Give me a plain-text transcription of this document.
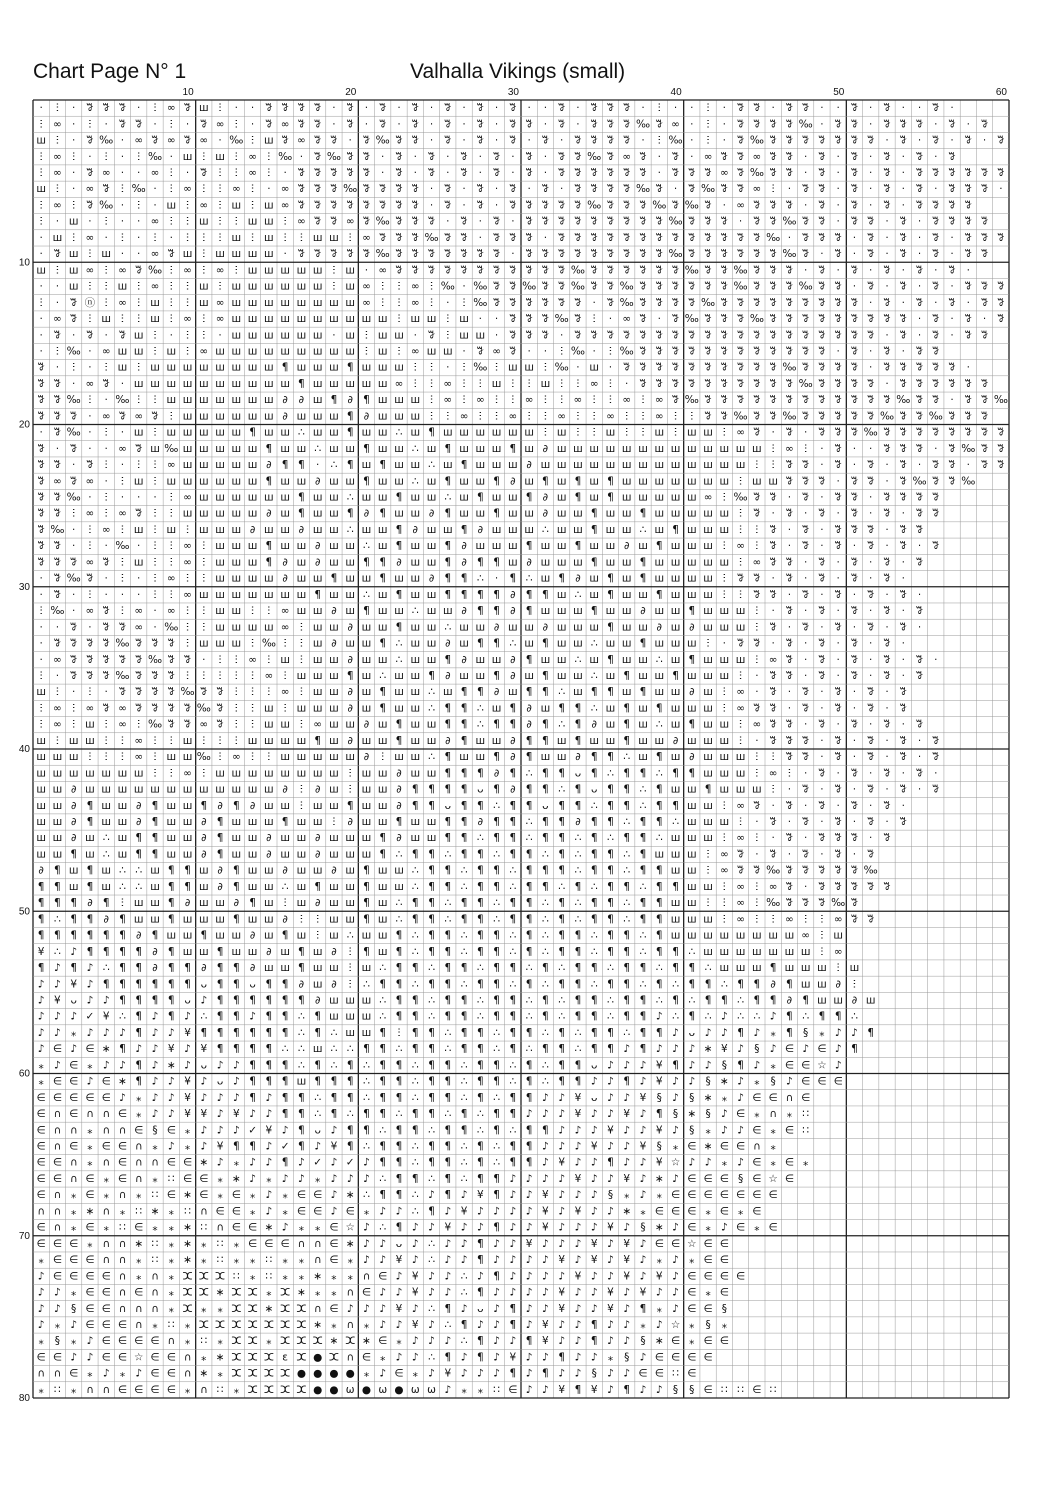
Chart Page N° 1	Valhalla Vikings (small)
· ⵗ · ꗌ ꗌ ꗌ · ⵗ ∞ ꗌ ш ⵗ · · ꗌ ꗌ ꗌ ꗌ · ꗌ · ꗌ · ꗌ · ꗌ · ꗌ · ꗌ · · ꗌ · ꗌ ꗌ ꗌ · ⵗ · · ⵗ · ꗌ ꗌ · ꗌ ꗌ · · ꗌ · ꗌ · · ꗌ ·
ⵗ ∞ · ⵗ · ꗌ ꗌ · ⵗ · ꗌ ∞ ⵗ · ꗌ ∞ ꗌ ꗌ · ꗌ · ꗌ · ꗌ · ꗌ · ꗌ · ꗌ ꗌ · ꗌ · ꗌ ꗌ ꗌ ‰ ꗌ ∞ · ⵗ · ꗌ ꗌ ꗌ ꗌ ‰ · ꗌ ꗌ · ꗌ ꗌ ꗌ · ꗌ · ꗌ
ш ⵗ · ꗌ ‰ · ∞ ꗌ ∞ ꗌ ∞ · ‰ ⵗ ш ꗌ ∞ ꗌ ꗌ · ꗌ ‰ ꗌ ꗌ · ꗌ · ꗌ · ꗌ · ꗌ · ꗌ ꗌ ꗌ ꗌ · ⵗ ‰ · ⵗ · ꗌ ‰ ꗌ ꗌ ꗌ ꗌ ꗌ ꗌ ꗌ · ꗌ · ꗌ · ꗌ · ꗌ
ⵗ ∞ ⵗ · ⵗ · ⵗ ‰ · ш ⵗ ш ⵗ ∞ ⵗ ‰ · ꗌ ‰ ꗌ ꗌ · ꗌ · ꗌ · ꗌ · ꗌ · ꗌ · ꗌ ꗌ ‰ ꗌ ∞ ꗌ · ꗌ · ∞ ꗌ ꗌ ∞ ꗌ ꗌ · ꗌ · ꗌ · ꗌ · ꗌ · ꗌ
ⵗ ∞ · ꗌ ∞ · · ∞ ⵗ · ꗌ ⵗ ⵗ ∞ ⵗ · ꗌ ꗌ ꗌ ꗌ ꗌ · ꗌ · ꗌ · ꗌ · ꗌ · ꗌ · ꗌ ꗌ ꗌ ꗌ ꗌ ꗌ · ꗌ ꗌ ꗌ ∞ ꗌ ‰ ꗌ ꗌ · ꗌ · ꗌ · ꗌ · ꗌ ꗌ ꗌ ꗌ ꗌ ꗌ
ш ⵗ · ∞ ꗌ ⵗ ‰ · ⵗ ∞ ⵗ ⵗ ∞ ⵗ · ∞ ꗌ ꗌ ꗌ ‰ ꗌ ꗌ ꗌ ꗌ · ꗌ · ꗌ · ꗌ · ꗌ · ꗌ ꗌ ꗌ ꗌ ‰ ꗌ · ꗌ ‰ ꗌ ꗌ ∞ ⵗ · ꗌ ꗌ · ꗌ · ꗌ · ꗌ · ꗌ ꗌ ꗌ ·
ⵗ ∞ ⵗ ꗌ ‰ · ⵗ · ш ⵗ ∞ ⵗ ш ⵗ ш ∞ ꗌ ꗌ ꗌ ꗌ ꗌ ꗌ ꗌ ꗌ · ꗌ · ꗌ · ꗌ ꗌ ꗌ ꗌ ꗌ ‰ ꗌ ꗌ ꗌ ‰ ꗌ ‰ ꗌ · ∞ ꗌ ꗌ ꗌ · ꗌ · ꗌ · ꗌ · ꗌ ꗌ ꗌ ꗌ
ⵗ · ш · ⵗ · · ∞ ⵗ ⵗ ш ⵗ ⵗ ш ш ⵗ ∞ ꗌ ꗌ ∞ ꗌ ‰ ꗌ ꗌ ꗌ · ꗌ · ꗌ · ꗌ ꗌ ꗌ ꗌ ꗌ ꗌ ꗌ ꗌ ꗌ ‰ ꗌ ꗌ ꗌ · ꗌ ꗌ ‰ ꗌ ꗌ · ꗌ ꗌ · ꗌ · ꗌ ꗌ ꗌ ꗌ
· ш ⵗ ∞ · ⵗ · ⵗ · ⵗ ⵗ ⵗ ш ⵗ ш ⵗ ⵗ ш ш ⵗ ∞ ꗌ ꗌ ꗌ ‰ ꗌ ꗌ · ꗌ ꗌ ꗌ · ꗌ ꗌ ꗌ ꗌ ꗌ ꗌ ꗌ ꗌ ꗌ ꗌ ꗌ ꗌ ꗌ ‰ · ꗌ ꗌ ꗌ · ꗌ · ꗌ · ꗌ · ꗌ ꗌ ꗌ
· ꗌ ш ⵗ ш · · ∞ ꗌ ш ⵗ ш ш ш ш · ꗌ ꗌ ꗌ ꗌ ꗌ ‰ ꗌ ꗌ ꗌ ꗌ ꗌ ꗌ ꗌ · ꗌ ꗌ ꗌ ꗌ ꗌ ꗌ ꗌ ꗌ ꗌ ‰ ꗌ ꗌ ꗌ ꗌ ꗌ ꗌ ‰ ꗌ · ꗌ · ꗌ · ꗌ · ꗌ · ꗌ ꗌ
ш ⵗ ш ∞ ⵗ ∞ ꗌ ‰ ⵗ ∞ ⵗ ∞ ⵗ ш ш ш ш ш ⵗ ш · ∞ ꗌ ꗌ ꗌ ꗌ ꗌ ꗌ ꗌ ꗌ ꗌ ꗌ ꗌ ‰ ꗌ ꗌ ꗌ ꗌ ꗌ ꗌ ‰ ꗌ ꗌ ‰ ꗌ ꗌ ꗌ · ꗌ · ꗌ · ꗌ · ꗌ · ꗌ ·
· · ш ⵗ ⵗ ш ⵗ ∞ ⵗ ⵗ ш ⵗ ш ш ш ш ш ш ⵗ ш ∞ ⵗ ⵗ ∞ ⵗ ‰ · ‰ ꗌ ꗌ ‰ ꗌ ꗌ ‰ ꗌ ꗌ ‰ ꗌ ꗌ ꗌ ꗌ ꗌ ꗌ ‰ ꗌ ꗌ ꗌ ‰ ꗌ ꗌ · ꗌ · ꗌ · ꗌ · ꗌ ꗌ ꗌ
ⵗ · ꗌ ⓝ ⵗ ∞ ⵗ ш ⵗ ⵗ ш ∞ ш ш ш ш ш ш ш ш ∞ ⵗ ⵗ ∞ ⵗ · ⵗ ‰ ꗌ ꗌ ꗌ ꗌ ꗌ ꗌ · ꗌ ‰ ꗌ ꗌ ꗌ ꗌ ‰ ꗌ ꗌ ꗌ ꗌ ꗌ ꗌ ꗌ ꗌ ꗌ · ꗌ · ꗌ · ꗌ · ꗌ ꗌ
· ∞ ꗌ ⵗ ш ⵗ ⵗ ш ⵗ ∞ ⵗ ∞ ш ш ш ш ш ш ш ш ш ш ⵗ ш ш ⵗ ш · · ꗌ ꗌ ꗌ ‰ ꗌ ⵗ · ∞ ꗌ · ꗌ ‰ ꗌ ꗌ ꗌ ‰ ꗌ ꗌ ꗌ ꗌ ꗌ ꗌ ꗌ ꗌ ꗌ · ꗌ · ꗌ · ꗌ
· ꗌ · ꗌ · ꗌ ш ⵗ · ⵗ ⵗ · ш ш ш ш ш ш · ш ⵗ ш ш · ꗌ ⵗ ш ш · ꗌ ꗌ ꗌ · ꗌ ꗌ ꗌ ꗌ ꗌ ꗌ ꗌ ꗌ ꗌ ꗌ ꗌ ꗌ ꗌ ꗌ ꗌ ꗌ ꗌ ꗌ ꗌ · ꗌ · ꗌ · ꗌ ꗌ
· ⵗ ‰ · ∞ ш ш ⵗ ш ⵗ ∞ ш ш ш ш ш ш ш ш ш ⵗ ш ⵗ ∞ ш ш · ꗌ ∞ ꗌ · · ⵗ ‰ · ⵗ ‰ ꗌ ꗌ ꗌ ꗌ ꗌ ꗌ ꗌ ꗌ ꗌ ꗌ ꗌ ꗌ · ꗌ · ꗌ · ꗌ ꗌ
ꗌ · ⵗ · ⵗ ш ⵗ ш ш ш ш ш ш ш ш ¶ ш ш ш ¶ ш ш ш ⵗ ⵗ · ⵗ ‰ ⵗ ш ш ⵗ ‰ · ш · ꗌ ꗌ ꗌ ꗌ ꗌ ꗌ ꗌ ꗌ ꗌ ꗌ ‰ ꗌ ꗌ ꗌ ꗌ · ꗌ ꗌ ꗌ ꗌ ꗌ ·
ꗌ ꗌ · ∞ ꗌ · ш ш ш ш ш ш ш ш ш ш ¶ ш ш ш ш ш ∞ ⵗ ⵗ ∞ ⵗ ⵗ ш ⵗ ⵗ ш ⵗ ⵗ ∞ ⵗ · ꗌ ꗌ ꗌ ꗌ ꗌ ꗌ ꗌ ꗌ ꗌ ꗌ ‰ ꗌ ꗌ ꗌ ꗌ · ꗌ ꗌ ꗌ ꗌ ꗌ ꗌ
ꗌ ꗌ ‰ ⵗ · ‰ ⵗ ⵗ ш ш ш ш ш ш ш ∂ ∂ ш ¶ ∂ ¶ ш ш ш ⵗ ∞ ⵗ ∞ ⵗ ⵗ ∞ ⵗ ⵗ ∞ ⵗ ⵗ ∞ ⵗ ∞ ꗌ ‰ ꗌ ꗌ ꗌ ꗌ ꗌ ꗌ ꗌ ꗌ ꗌ ꗌ ꗌ ꗌ ‰ ꗌ ꗌ · ꗌ ꗌ ‰
ꗌ ꗌ ꗌ · ∞ ꗌ ∞ ꗌ ⵗ ш ш ш ш ш ш ∂ ш ш ш ¶ ∂ ш ш ш ⵗ ⵗ ∞ ⵗ ⵗ ∞ ⵗ ⵗ ∞ ⵗ ⵗ ∞ ⵗ ⵗ ∞ ⵗ ⵗ ꗌ ꗌ ‰ ꗌ ꗌ ‰ ꗌ ꗌ ꗌ ꗌ ꗌ ‰ ꗌ ꗌ ‰ ꗌ ꗌ ꗌ
· ꗌ ‰ · ⵗ · ш ⵗ ш ш ш ш ш ¶ ш ш ∴ ш ш ¶ ш ш ∴ ш ¶ ш ш ш ш ш ш ⵗ ш ⵗ ⵗ ш ⵗ ⵗ ш ⵗ ш ш ⵗ ∞ ꗌ · ꗌ · ꗌ ꗌ ꗌ ‰ ꗌ ꗌ ꗌ ꗌ ꗌ ꗌ ꗌ ꗌ
ꗌ · ꗌ · · ∞ ꗌ ш ‰ ш ш ш ш ш ¶ ш ш ∴ ш ш ¶ ш ш ∴ ш ¶ ш ш ш ¶ ш ∂ ш ш ш ш ш ш ш ш ш ш ш ш ш ⵗ ∞ ⵗ · ꗌ · · ꗌ ꗌ ꗌ · ꗌ ‰ ꗌ ꗌ
ꗌ ꗌ · ꗌ ⵗ · ⵗ ⵗ ∞ ш ш ш ш ш ∂ ¶ ¶ · ∴ ¶ ш ¶ ш ш ∴ ш ¶ ш ш ш ∂ ш ш ш ш ш ш ш ш ш ш ш ш ш ⵗ ⵗ ꗌ ꗌ · ꗌ · ꗌ · ꗌ · ꗌ ꗌ · ꗌ ꗌ
ꗌ ∞ ꗌ ∞ · ⵗ ш ⵗ ш ш ш ш ш ш ¶ ш ш ∂ ш ш ¶ ш ш ∴ ш ¶ ш ш ¶ ∂ ш ¶ ш ¶ ш ¶ ш ш ш ш ш ш ш ⵗ ш ш ꗌ ꗌ ꗌ · ꗌ ꗌ · ꗌ ‰ ꗌ ꗌ ‰
ꗌ ꗌ ‰ · ⵗ · · · ⵗ ∞ ш ш ш ш ш ш ¶ ш ш ∴ ш ш ¶ ш ш ∴ ш ¶ ш ш ¶ ∂ ш ¶ ш ¶ ш ш ш ш ш ∞ ⵗ ‰ ꗌ ꗌ · ꗌ · ꗌ ꗌ · ꗌ ꗌ ꗌ ꗌ
ꗌ ꗌ ⵗ ∞ ⵗ ∞ ꗌ ⵗ ⵗ ш ш ш ш ш ∂ ш ¶ ш ш ¶ ∂ ¶ ш ш ∂ ¶ ш ш ¶ ш ш ∂ ш ш ¶ ш ш ¶ ш ш ш ш ш ⵗ ꗌ · ꗌ · ꗌ · ꗌ · ꗌ · ꗌ ꗌ
ꗌ ‰ · ⵗ ∞ ⵗ ш ⵗ ш ⵗ ш ш ш ∂ ш ш ∂ ш ш ∴ ш ш ¶ ∂ ш ш ¶ ∂ ш ш ш ∴ ш ш ¶ ш ш ∴ ш ¶ ш ш ш ⵗ ⵗ ꗌ · ꗌ · ꗌ ꗌ ꗌ · ꗌ ꗌ
ꗌ ꗌ · ⵗ · ‰ · ⵗ ⵗ ∞ ⵗ ш ш ш ¶ ш ш ∂ ш ш ∴ ш ¶ ш ш ¶ ∂ ш ш ш ¶ ш ш ¶ ш ш ∂ ш ¶ ш ш ш ⵗ ∞ ⵗ ꗌ · ꗌ · ꗌ · ꗌ · ꗌ · ꗌ
ꗌ ꗌ ꗌ ∞ ꗌ ⵗ ш ⵗ ⵗ ∞ ⵗ ш ш ш ¶ ∂ ш ∂ ш ш ¶ ¶ ∂ ш ш ¶ ∂ ¶ ¶ ш ∂ ш ш ш ¶ ш ш ¶ ш ш ш ш ш ⵗ ∞ ꗌ ꗌ · ꗌ · ꗌ · ꗌ · ꗌ
· ꗌ ‰ ꗌ · ⵗ · ⵗ ∞ ⵗ ⵗ ш ш ш ш ∂ ш ш ¶ ш ш ¶ ш ш ∂ ¶ ¶ ∴ · ¶ ∴ ш ¶ ∂ ш ¶ ш ¶ ш ш ш ш ⵗ ꗌ ꗌ · ꗌ · ꗌ · ꗌ · ꗌ ·
· ꗌ · ⵗ · · · ⵗ ⵗ ∞ ш ш ш ш ш ш ш ¶ ш ш ∴ ш ¶ ш ш ¶ ¶ ¶ ¶ ∂ ¶ ¶ ш ∴ ш ¶ ш ш ¶ ш ш ш ⵗ ⵗ ꗌ ꗌ · ꗌ · ꗌ · ꗌ · ꗌ ·
ⵗ ‰ · ∞ ꗌ ⵗ ∞ · ∞ ⵗ ⵗ ш ш ⵗ ⵗ ∞ ш ш ∂ ш ¶ ш ш ∴ ш ш ∂ ¶ ¶ ∂ ¶ ш ш ш ¶ ш ш ∂ ш ш ¶ ш ш ш ⵗ · ꗌ · ꗌ · ꗌ · ꗌ · ꗌ
· · ꗌ · ꗌ ꗌ ∞ · ‰ ⵗ ⵗ ш ш ш ш ∞ ⵗ ш ш ∂ ш ш ¶ ш ш ∴ ш ш ∂ ш ш ∂ ш ш ш ¶ ш ш ∂ ш ∂ ш ш ш ⵗ ꗌ · ꗌ · ꗌ · ꗌ · ꗌ ·
· ꗌ ꗌ ꗌ ꗌ ‰ ꗌ ꗌ ꗌ ⵗ ш ш ш ⵗ ‰ ⵗ ⵗ ш ∂ ш ш ¶ ∴ ш ш ∂ ш ¶ ¶ ∴ ш ¶ ш ш ∴ ш ш ¶ ш ш ш ⵗ · ꗌ ꗌ · ꗌ · ꗌ · ꗌ · ꗌ ·
· ∞ ꗌ ꗌ ꗌ ꗌ ꗌ ‰ ꗌ ꗌ · ⵗ ⵗ ∞ ⵗ ш ⵗ ш ш ∂ ш ш ∴ ш ш ¶ ∂ ш ш ∂ ¶ ш ш ∴ ш ¶ ш ш ∴ ш ¶ ш ш ш ⵗ ∞ ꗌ · ꗌ · ꗌ · ꗌ · ꗌ ·
ⵗ · ꗌ ꗌ ꗌ ‰ ꗌ ꗌ ꗌ ⵗ ⵗ ⵗ ⵗ ⵗ ∞ ⵗ ш ш ш ¶ ш ∴ ш ш ¶ ∂ ш ш ¶ ∂ ш ¶ ш ш ∴ ш ¶ ш ш ¶ ш ш ш ⵗ · ꗌ ꗌ · ꗌ · ꗌ · ꗌ · ꗌ
ш ⵗ · ⵗ · ꗌ ꗌ ꗌ ꗌ ‰ ꗌ ꗌ ⵗ ⵗ ⵗ ∞ ⵗ ш ш ∂ ш ¶ ш ш ∴ ш ¶ ¶ ∂ ш ¶ ¶ ∴ ш ¶ ¶ ш ¶ ш ш ∂ ш ⵗ ∞ · ꗌ · ꗌ · ꗌ · ꗌ · ꗌ
ⵗ ∞ ⵗ ∞ ꗌ ∞ ꗌ ꗌ ꗌ ꗌ ‰ ꗌ ⵗ ⵗ ш ⵗ ш ш ш ∂ ш ¶ ш ш ∴ ¶ ¶ ∴ ш ¶ ∂ ш ¶ ¶ ∴ ш ¶ ш ¶ ш ш ш ⵗ ∞ ꗌ ꗌ · ꗌ · ꗌ · ꗌ · ꗌ
ⵗ ∞ ⵗ ш ⵗ ∞ ⵗ ‰ ꗌ ꗌ ∞ ꗌ ⵗ ⵗ ш ш ⵗ ∞ ш ш ∂ ш ¶ ш ш ¶ ¶ ∴ ¶ ¶ ∂ ¶ ∴ ¶ ∂ ш ¶ ш ∴ ш ¶ ш ш ⵗ ∞ ꗌ ꗌ · ꗌ · ꗌ · ꗌ · ꗌ
ш ⵗ ш ш ⵗ ⵗ ∞ ⵗ ⵗ ш ⵗ ⵗ ⵗ ш ш ш ш ¶ ш ∂ ш ш ¶ ш ш ∂ ¶ ш ш ∂ ¶ ¶ ш ¶ ш ш ¶ ш ш ∂ ш ш ш ⵗ · ꗌ ꗌ ꗌ · ꗌ · ꗌ · ꗌ · ꗌ
ш ш ш ⵗ ⵗ ⵗ ∞ ⵗ ш ш ‰ ⵗ ∞ ⵗ ⵗ ш ш ш ш ш ∂ ⵗ ш ш ∴ ¶ ш ш ¶ ∂ ¶ ш ш ∂ ¶ ¶ ∴ ш ¶ ш ∂ ш ш ш ⵗ ⵗ ꗌ ꗌ · ꗌ · ꗌ · ꗌ · ꗌ
ш ш ш ш ш ш ш ⵗ ⵗ ∞ ⵗ ш ш ш ш ш ш ш ш ⵗ ш ш ∂ ш ш ¶ ¶ ¶ ∂ ¶ ∴ ¶ ¶ ᴗ ¶ ∴ ¶ ¶ ∴ ¶ ¶ ш ш ш ⵗ ∞ ⵗ · ꗌ · ꗌ · ꗌ · ꗌ ·
ш ш ∂ ш ш ш ш ш ш ш ш ш ш ш ш ∂ ⵗ ∂ ш ⵗ ш ш ∂ ¶ ¶ ¶ ¶ ᴗ ¶ ∂ ¶ ¶ ∴ ¶ ᴗ ¶ ¶ ∴ ¶ ш ш ¶ ш ш ш ⵗ · ꗌ · ꗌ · ꗌ · ꗌ · ꗌ
ш ш ∂ ¶ ш ш ∂ ¶ ш ш ¶ ∂ ¶ ∂ ш ш ⵗ ш ш ¶ ш ш ∂ ¶ ¶ ᴗ ¶ ¶ ∴ ¶ ¶ ᴗ ¶ ¶ ∴ ¶ ¶ ∴ ¶ ¶ ш ш ⵗ ∞ ꗌ · ꗌ · ꗌ · ꗌ · ꗌ ·
ш ш ∂ ¶ ш ш ∂ ¶ ш ш ∂ ¶ ш ш ш ¶ ш ш ⵗ ∂ ш ш ¶ ш ш ¶ ¶ ∂ ¶ ¶ ∴ ¶ ¶ ∂ ¶ ¶ ∴ ¶ ¶ ∴ ш ш ш ⵗ · ꗌ · ꗌ · ꗌ · ꗌ · ꗌ
ш ш ∂ ш ∴ ш ¶ ¶ ш ш ∂ ¶ ш ш ∂ ш ш ∂ ш ш ш ¶ ∂ ш ш ¶ ¶ ∴ ¶ ¶ ∴ ¶ ¶ ∴ ¶ ∴ ¶ ¶ ∴ ш ш ш ⵗ ∞ ⵗ · ꗌ · ꗌ ꗌ ꗌ · ꗌ
ш ш ¶ ш ∴ ш ¶ ¶ ш ш ∂ ¶ ш ш ∂ ш ш ∂ ш ш ш ¶ ∴ ¶ ¶ ∴ ¶ ¶ ∴ ¶ ¶ ∴ ¶ ∴ ¶ ¶ ∴ ¶ ш ш ш ⵗ ∞ ꗌ · ꗌ · ꗌ · ꗌ · ꗌ
∂ ¶ ш ¶ ш ∴ ∴ ш ¶ ¶ ш ∂ ¶ ш ш ∂ ш ш ∂ ш ¶ ш ш ∴ ¶ ¶ ∴ ¶ ¶ ∴ ¶ ¶ ¶ ∴ ¶ ¶ ∴ ¶ ¶ ш ш ⵗ ∞ ꗌ ꗌ ‰ ꗌ ꗌ ꗌ ꗌ ꗌ ‰
¶ ¶ ш ¶ ш ∴ ∴ ш ¶ ¶ ш ∂ ¶ ш ш ∴ ш ¶ ш ш ¶ ш ш ∴ ¶ ¶ ∴ ¶ ¶ ∴ ¶ ¶ ∴ ¶ ∴ ¶ ¶ ∴ ¶ ¶ ш ш ⵗ ∞ ⵗ ∞ ꗌ · ꗌ ꗌ ꗌ ꗌ ꗌ
¶ ¶ ¶ ∂ ¶ ⵗ ш ш ¶ ∂ ш ш ∂ ¶ ш ⵗ ш ∂ ш ш ¶ ш ∴ ¶ ¶ ∴ ¶ ¶ ∴ ¶ ¶ ∴ ¶ ∴ ¶ ¶ ∴ ¶ ¶ ш ш ⵗ ⵗ ∞ ⵗ ‰ ꗌ ꗌ ꗌ ‰ ꗌ
¶ ∴ ¶ ¶ ∂ ¶ ш ш ¶ ш ш ш ¶ ш ш ∂ ⵗ ⵗ ш ш ¶ ш ∴ ¶ ¶ ∴ ¶ ¶ ∴ ¶ ¶ ∴ ¶ ∴ ¶ ¶ ∴ ¶ ¶ ш ш ш ⵗ ∞ ⵗ ⵗ ∞ ⵗ ⵗ ∞ ꗌ ꗌ
¶ ¶ ¶ ¶ ¶ ¶ ∂ ¶ ш ш ¶ ш ш ∂ ш ¶ ш ⵗ ш ∴ ш ш ¶ ∴ ¶ ¶ ∴ ¶ ¶ ∴ ¶ ∴ ¶ ¶ ∴ ¶ ¶ ∴ ¶ ш ш ш ш ш ш ш ш ∞ ⵗ ш
¥ ∴ ♪ ¶ ¶ ¶ ¶ ∂ ¶ ш ш ¶ ш ш ∂ ш ¶ ш ∂ ⵗ ¶ ш ¶ ∴ ¶ ¶ ∴ ¶ ¶ ∴ ¶ ∴ ¶ ¶ ∴ ¶ ¶ ∴ ¶ ¶ ∴ ш ш ш ш ш ш ш ⵗ ∞
¶ ♪ ¶ ♪ ∴ ¶ ¶ ∂ ¶ ¶ ∂ ¶ ¶ ∂ ш ш ¶ ш ш ⵗ ш ∴ ¶ ¶ ∴ ¶ ¶ ∴ ¶ ¶ ∴ ¶ ∴ ¶ ¶ ∴ ¶ ¶ ∴ ¶ ¶ ∴ ш ш ш ¶ ш ш ш ⵗ ш
♪ ♪ ¥ ♪ ¶ ¶ ¶ ¶ ¶ ¶ ᴗ ¶ ¶ ᴗ ¶ ¶ ∂ ш ∂ ⵗ ∴ ¶ ¶ ∴ ¶ ¶ ∴ ¶ ¶ ∴ ¶ ∴ ¶ ¶ ∴ ¶ ¶ ∴ ¶ ∴ ¶ ¶ ∴ ¶ ¶ ∂ ¶ ш ш ∂ ⵗ
♪ ¥ ᴗ ♪ ♪ ¶ ¶ ¶ ¶ ᴗ ♪ ¶ ¶ ¶ ¶ ¶ ¶ ∂ ш ш ш ∴ ¶ ¶ ∴ ¶ ¶ ∴ ¶ ¶ ∴ ¶ ∴ ¶ ¶ ∴ ¶ ¶ ∴ ¶ ∴ ¶ ¶ ∴ ¶ ¶ ∂ ¶ ш ш ∂ ш
♪ ♪ ♪ ✓ ¥ ∴ ¶ ♪ ¶ ♪ ∴ ¶ ¶ ♪ ¶ ¶ ∴ ¶ ш ш ш ∴ ¶ ¶ ∴ ¶ ¶ ∴ ¶ ¶ ∴ ¶ ∴ ¶ ¶ ∴ ¶ ¶ ♪ ∴ ¶ ∴ ♪ ∴ ∴ ♪ ¶ ∴ ¶ ¶ ∴
♪ ♪ ⁎ ♪ ♪ ♪ ¶ ♪ ♪ ¥ ¶ ¶ ¶ ¶ ¶ ¶ ∴ ¶ ∴ ш ш ¶ ⵗ ¶ ¶ ∴ ¶ ¶ ∴ ¶ ¶ ∴ ¶ ∴ ¶ ¶ ∴ ¶ ¶ ♪ ᴗ ♪ ♪ ¶ ♪ ⁎ ¶ § ⁎ ♪ ♪ ¶
♪ ∈ ♪ ∈ ∗ ¶ ♪ ♪ ¥ ♪ ¥ ¶ ¶ ¶ ¶ ∴ ∴ ш ∴ ∴ ¶ ¶ ∴ ¶ ¶ ∴ ¶ ¶ ∴ ¶ ∴ ¶ ¶ ∴ ¶ ¶ ♪ ¶ ♪ ♪ ♪ ∗ ¥ ♪ § ♪ ∈ ♪ ∈ ♪ ¶
⁎ ♪ ∈ ⁎ ♪ ♪ ¶ ♪ ∗ ♪ ᴗ ♪ ♪ ¶ ¶ ¶ ∴ ¶ ∴ ¶ ∴ ¶ ¶ ∴ ¶ ¶ ∴ ¶ ¶ ∴ ¶ ∴ ¶ ¶ ᴗ ♪ ♪ ♪ ¥ ¶ ♪ ♪ § ¶ ♪ ⁎ ∈ ∈ ☆ ♪
⁎ ∈ ∈ ♪ ∈ ∗ ¶ ♪ ♪ ¥ ♪ ᴗ ♪ ¶ ¶ ¶ ш ¶ ¶ ¶ ∴ ¶ ¶ ∴ ¶ ¶ ∴ ¶ ¶ ∴ ¶ ∴ ¶ ¶ ♪ ♪ ¶ ♪ ¥ ♪ ♪ § ∗ ♪ ⁎ § ♪ ∈ ∈ ∈
∈ ∈ ∈ ∈ ∈ ♪ ⁎ ♪ ♪ ¥ ♪ ♪ ♪ ¶ ♪ ¶ ¶ ∴ ¶ ¶ ∴ ¶ ¶ ∴ ¶ ¶ ∴ ¶ ∴ ¶ ¶ ♪ ♪ ¥ ᴗ ♪ ♪ ¥ § ♪ § ∗ ⁎ ♪ ∈ ∈ ∩ ∈
∈ ∩ ∈ ∩ ∩ ∈ ⁎ ♪ ♪ ¥ ¥ ♪ ¥ ♪ ♪ ¶ ¶ ∴ ¶ ∴ ¶ ¶ ∴ ¶ ¶ ∴ ¶ ∴ ¶ ¶ ♪ ♪ ♪ ¥ ♪ ♪ ¥ ♪ ¶ § ∗ § ♪ ∈ ⁎ ∩ ⁎ ∷
∈ ∩ ∩ ⁎ ∩ ∩ ∈ § ∈ ⁎ ♪ ♪ ♪ ✓ ¥ ♪ ¶ ᴗ ♪ ¶ ¶ ∴ ¶ ¶ ∴ ¶ ¶ ∴ ¶ ∴ ¶ ¶ ♪ ♪ ♪ ¥ ♪ ♪ ¥ ♪ § ⁎ ♪ ♪ ∈ ⁎ ∈ ∷
∈ ∩ ∈ ⁎ ∈ ∈ ∩ ⁎ ♪ ⁎ ♪ ¥ ¶ ¶ ♪ ✓ ¶ ♪ ¥ ¶ ∴ ¶ ¶ ∴ ¶ ¶ ∴ ¶ ∴ ¶ ¶ ♪ ♪ ♪ ¥ ♪ ♪ ¥ § ⁎ ∈ ∗ ∈ ∈ ∩ ⁎
∈ ∈ ∩ ⁎ ∩ ∈ ∩ ∩ ∈ ∈ ∗ ♪ ⁎ ♪ ♪ ¶ ♪ ✓ ♪ ✓ ♪ ¶ ¶ ∴ ¶ ¶ ∴ ¶ ∴ ¶ ¶ ♪ ¥ ♪ ♪ ¶ ♪ ♪ ¥ ☆ ♪ ♪ ⁎ ♪ ∈ ⁎ ∈ ⁎
∈ ∈ ∩ ∈ ⁎ ∈ ∩ ⁎ ∷ ∈ ∈ ⁎ ∗ ♪ ⁎ ♪ ♪ ⁎ ♪ ♪ ♪ ∴ ¶ ¶ ∴ ¶ ∴ ¶ ¶ ♪ ♪ ♪ ♪ ¥ ♪ ♪ ¥ ♪ ∗ ♪ ∈ ∈ ∈ § ∈ ☆ ∈
∈ ∩ ⁎ ∈ ⁎ ∩ ⁎ ∷ ∈ ∗ ∈ ⁎ ∈ ⁎ ♪ ⁎ ∈ ∈ ♪ ∗ ∴ ¶ ¶ ∴ ♪ ¶ ♪ ¥ ¶ ♪ ♪ ¥ ♪ ♪ ♪ § ⁎ ♪ ⁎ ∈ ∈ ∈ ∈ ∈ ∈ ∈
∩ ∩ ⁎ ∗ ∩ ⁎ ∷ ∗ ⁎ ∷ ∩ ∈ ∈ ⁎ ♪ ⁎ ∈ ∈ ♪ ∈ ⁎ ♪ ♪ ∴ ¶ ♪ ¥ ♪ ♪ ♪ ♪ ¥ ♪ ¥ ♪ ♪ ∗ ⁎ ∈ ∈ ∈ ⁎ ∈ ⁎ ∈
∈ ∩ ⁎ ∈ ⁎ ∷ ∈ ⁎ ⁎ ∗ ∷ ∩ ∈ ∈ ∗ ♪ ⁎ ⁎ ∈ ☆ ♪ ∴ ¶ ♪ ♪ ¥ ♪ ♪ ¶ ♪ ♪ ¥ ♪ ♪ ♪ ¥ ♪ § ∗ ♪ ∈ ⁎ ♪ ∈ ⁎ ∈
∈ ∈ ∈ ⁎ ∩ ∩ ∗ ∷ ⁎ ∗ ⁎ ∷ ⁎ ∈ ∈ ∈ ∩ ∩ ∈ ∗ ♪ ♪ ᴗ ♪ ∴ ♪ ♪ ¶ ♪ ♪ ¥ ♪ ♪ ♪ ¥ ♪ ¥ ♪ ∈ ∈ ☆ ∈ ∈
⁎ ∈ ∈ ∈ ∩ ∩ ⁎ ∷ ⁎ ∗ ⁎ ∷ ⁎ ⁎ ∷ ⁎ ⁎ ∩ ∈ ⁎ ♪ ♪ ¥ ♪ ∴ ♪ ♪ ¶ ♪ ♪ ♪ ♪ ¥ ♪ ¥ ♪ ¥ ♪ ⁎ ♪ ⁎ ∈ ∈
♪ ∈ ∈ ∈ ∈ ∩ ⁎ ∩ ⁎ ⵋ ⵋ ⵋ ∷ ⁎ ∷ ⁎ ⁎ ∗ ⁎ ⁎ ∩ ∈ ♪ ¥ ♪ ♪ ∴ ♪ ¶ ♪ ♪ ♪ ♪ ¥ ♪ ♪ ¥ ♪ ¥ ♪ ∈ ∈ ∈ ∈
♪ ♪ ⁎ ∈ ∈ ∩ ∈ ∩ ⁎ ⵋ ⵋ ∗ ⵋ ⵋ ⁎ ⵋ ∗ ⁎ ⁎ ∩ ∈ ♪ ♪ ¥ ♪ ♪ ∴ ¶ ♪ ♪ ♪ ♪ ¥ ♪ ♪ ¥ ♪ ¥ ♪ ♪ ∈ ⁎ ∈
♪ ♪ § ∈ ∈ ∩ ∩ ∩ ⁎ ⵋ ⁎ ⁎ ⵋ ⵋ ∗ ⵋ ⵋ ∩ ∈ ♪ ♪ ♪ ¥ ♪ ∴ ¶ ♪ ᴗ ♪ ¶ ♪ ♪ ¥ ♪ ♪ ¥ ♪ ¶ ⁎ ♪ ∈ ∈ §
♪ ⁎ ♪ ∈ ∈ ∈ ∩ ⁎ ∷ ⁎ ⵋ ⵋ ⵋ ⵋ ⵋ ⵋ ⵋ ∗ ⁎ ∩ ⁎ ♪ ♪ ¥ ♪ ∴ ¶ ♪ ♪ ¶ ♪ ¥ ♪ ♪ ¶ ♪ ♪ ⁎ ♪ ☆ ⁎ § ⁎
⁎ § ⁎ ♪ ∈ ∈ ∈ ∈ ∩ ⁎ ∷ ⁎ ⵋ ⵋ ⁎ ⵋ ⵋ ⵋ ∗ ⵋ ∗ ∈ ⁎ ♪ ♪ ♪ ∴ ¶ ♪ ♪ ¶ ¥ ♪ ♪ ¶ ♪ ♪ § ∗ ∈ ⁎ ∈ ∈
∈ ∈ ♪ ♪ ∈ ∈ ☆ ∈ ∈ ∩ ⁎ ∗ ⵋ ⵋ ⵋ ɛ ⵋ ● ⵋ ∩ ∈ ⁎ ♪ ♪ ∴ ¶ ♪ ¶ ♪ ¥ ♪ ♪ ¶ ♪ ♪ ⁎ § ♪ ∈ ∈ ∈ ∈
∩ ∩ ∈ ⁎ ♪ ⁎ ♪ ∈ ∈ ∩ ∗ ⁎ ⵋ ⵋ ⵋ ⵋ ● ● ● ● ⁎ ♪ ∈ ⁎ ♪ ¥ ♪ ♪ ♪ ¶ ♪ ¶ ♪ ♪ § ♪ ♪ ∈ ∈ ∷ ∈
⁎ ∷ ⁎ ∩ ∩ ∈ ∈ ∈ ∈ ⁎ ∩ ∷ ⁎ ⵋ ⵋ ⵋ ⵋ ● ● ω ● ω ● ω ω ♪ ⁎ ⁎ ∷ ∈ ♪ ♪ ¥ ¶ ¥ ♪ ¶ ♪ ♪ § § ∈ ∷ ∷ ∈ ∷
10	20	30	40	50	60
10
20
30
40
50
60
70
80
